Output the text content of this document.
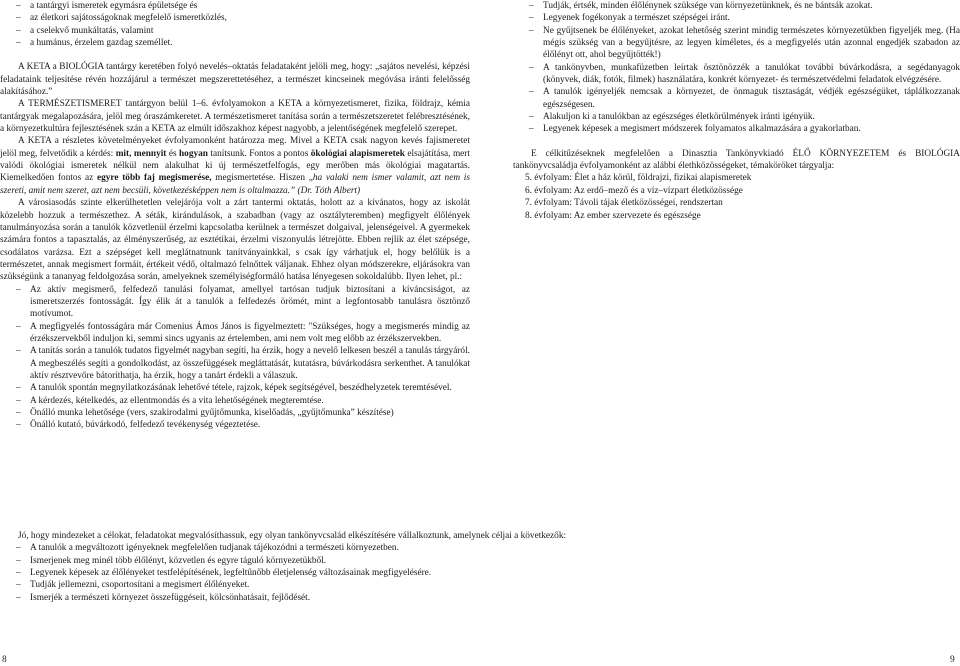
– a tantárgyi ismeretek egymásra épületsége és
– az életkori sajátosságoknak megfelelő ismeretközlés,
– a cselekvő munkáltatás, valamint
– a humánus, érzelem gazdag személlet.

A KETA a BIOLÓGIA tantárgy keretében folyó nevelés–oktatás feladataként jelöli meg, hogy: „sajátos nevelési, képzési feladataink teljesítése révén hozzájárul a természet megszerettetéséhez, a természet kincseinek megóvása iránti felelősség alakításához.”

A TERMÉSZETISMERET tantárgyon belül 1–6. évfolyamokon a KETA a környezetismeret, fizika, földrajz, kémia tantárgyak megalapozására, jelöl meg óraszámkeretet. A természetismeret tanítása során a természetszeretet felébresztésének, a környezetkultúra fejlesztésének szán a KETA az elmúlt időszakhoz képest nagyobb, a jelentőségének megfelelő szerepet.

A KETA a részletes követelményeket évfolyamonként határozza meg. Mivel a KETA csak nagyon kevés fajismeretet jelöl meg, felvetődik a kérdés: mit, mennyit és hogyan tanítsunk. Fontos a pontos ökológiai alapismeretek elsajátítása, mert valódi ökológiai ismeretek nélkül nem alakulhat ki új természetfelfogás, egy merőben más ökológiai magatartás. Kiemelkedően fontos az egyre több faj megismerése, megismertetése. Hiszen „ha valaki nem ismer valamit, azt nem is szereti, amit nem szeret, azt nem becsüli, következésképpen nem is oltalmazza.” (Dr. Tóth Albert)

A városiasodás szinte elkerülhetetlen velejárója volt a zárt tantermi oktatás, holott az a kívánatos, hogy az iskolát közelebb hozzuk a természethez. A séták, kirándulások, a szabadban (vagy az osztályteremben) megfigyelt élőlények tanulmányozása során a tanulók közvetlenül érzelmi kapcsolatba kerülnek a természet dolgaival, jelenségeivel. A gyermekek számára fontos a tapasztalás, az élményszerűség, az esztétikai, érzelmi viszonyulás létrejötte. Ebben rejlik az élet szépsége, csodálatos varázsa. Ezt a szépséget kell meglátnatnunk tanítványainkkal, s csak így várhatjuk el, hogy belőlük is a természetet, annak megismert formáit, értékeit védő, oltalmazó felnőttek váljanak. Ehhez olyan módszerekre, eljárásokra van szükségünk a tananyag feldolgozása során, amelyeknek személyiségformáló hatása lényegesen sokoldalúbb. Ilyen lehet, pl.:

– Az aktív megismerő, felfedező tanulási folyamat, amellyel tartósan tudjuk biztosítani a kíváncsiságot, az ismeretszerzés fontosságát. Így élik át a tanulók a felfedezés örömét, mint a legfontosabb tanulásra ösztönző motívumot.
– A megfigyelés fontosságára már Comenius Ámos János is figyelmeztett: "Szükséges, hogy a megismerés mindig az érzékszervekből induljon ki, semmi sincs ugyanis az értelemben, ami nem volt meg előbb az érzékszervekben.
– A tanítás során a tanulók tudatos figyelmét nagyban segíti, ha érzik, hogy a nevelő lelkesen beszél a tanulás tárgyáról. A megbeszélés segíti a gondolkodást, az összefüggések megláttatását, kutatásra, búvárkodásra serkenthet. A tanulókat aktív résztvevőre bátoríthatja, ha érzik, hogy a tanárt érdekli a válaszuk.
– A tanulók spontán megnyilatkozásának lehetővé tétele, rajzok, képek segítségével, beszédhelyzetek teremtésével.
– A kérdezés, kételkedés, az ellentmondás és a vita lehetőségének megteremtése.
– Önálló munka lehetősége (vers, szakirodalmi gyűjtőmunka, kiselőadás, „gyűjtőmunka” készítése)
– Önálló kutató, búvárkodó, felfedező tevékenység végeztetése.
– Tudják, értsék, minden élőlénynek szüksége van környezetünknek, és ne bántsák azokat.
– Legyenek fogékonyak a természet szépségei iránt.
– Ne gyűjtsenek be élőlényeket, azokat lehetőség szerint mindig természetes környezetükben figyeljék meg. (Ha mégis szükség van a begyűjtésre, az legyen kíméletes, és a megfigyelés után azonnal engedjék szabadon az élőlényt ott, ahol begyűjtötték!)
– A tankönyvben, munkafüzetben leírtak ösztönözzék a tanulókat további búvárkodásra, a segédanyagok (könyvek, diák, fotók, filmek) használatára, konkrét környezet- és természetvédelmi feladatok elvégzésére.
– A tanulók igényeljék nemcsak a környezet, de önmaguk tisztaságát, védjék egészségüket, táplálkozzanak egészségesen.
– Alakuljon ki a tanulókban az egészséges életkörülmények iránti igényük.
– Legyenek képesek a megismert módszerek folyamatos alkalmazására a gyakorlatban.

E célkitűzéseknek megfelelően a Dinasztia Tankönyvkiadó ÉLŐ KÖRNYEZETEM és BIOLÓGIA tankönyvcsaládja évfolyamonként az alábbi élethközösségeket, témaköröket tárgyalja:

5. évfolyam: Élet a ház körül, földrajzi, fizikai alapismeretek
6. évfolyam: Az erdő–mező és a víz–vízpart életközössége
7. évfolyam: Távoli tájak életközösségei, rendszertan
8. évfolyam: Az ember szervezete és egészsége

Jó, hogy mindezeket a célokat, feladatokat megvalósíthassuk, egy olyan tankönyvcsalád elkészítésére vállalkoztunk, amelynek céljai a következők:

– A tanulók a megváltozott igényeknek megfelelően tudjanak tájékozódni a természeti környezetben.
– Ismerjenek meg minél több élőlényt, közvetlen és egyre táguló környezetükből.
– Legyenek képesek az élőlényeket testfelépítésének, legfeltűnőbb életjelenség változásainak megfigyelésére.
– Tudják jellemezni, csoportosítani a megismert élőlényeket.
– Ismerjék a természeti környezet összefüggéseit, kölcsönhatásait, fejlődését.
8	9
